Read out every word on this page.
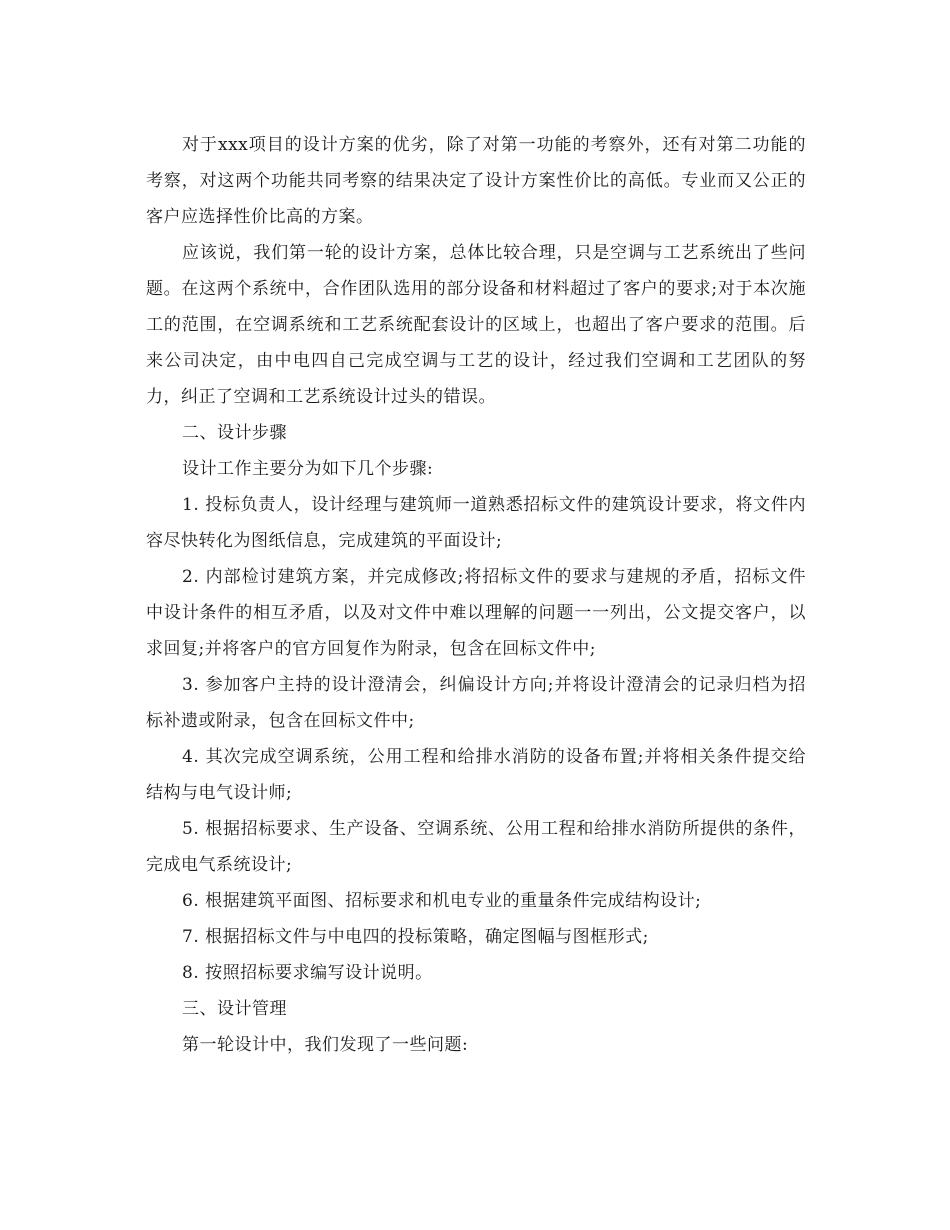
对于xxx项目的设计方案的优劣，除了对第一功能的考察外，还有对第二功能的考察，对这两个功能共同考察的结果决定了设计方案性价比的高低。专业而又公正的客户应选择性价比高的方案。

应该说，我们第一轮的设计方案，总体比较合理，只是空调与工艺系统出了些问题。在这两个系统中，合作团队选用的部分设备和材料超过了客户的要求;对于本次施工的范围，在空调系统和工艺系统配套设计的区域上，也超出了客户要求的范围。后来公司决定，由中电四自己完成空调与工艺的设计，经过我们空调和工艺团队的努力，纠正了空调和工艺系统设计过头的错误。

二、设计步骤

设计工作主要分为如下几个步骤:

1. 投标负责人，设计经理与建筑师一道熟悉招标文件的建筑设计要求，将文件内容尽快转化为图纸信息，完成建筑的平面设计;

2. 内部检讨建筑方案，并完成修改;将招标文件的要求与建规的矛盾，招标文件中设计条件的相互矛盾，以及对文件中难以理解的问题一一列出，公文提交客户，以求回复;并将客户的官方回复作为附录，包含在回标文件中;

3. 参加客户主持的设计澄清会，纠偏设计方向;并将设计澄清会的记录归档为招标补遗或附录，包含在回标文件中;

4. 其次完成空调系统，公用工程和给排水消防的设备布置;并将相关条件提交给结构与电气设计师;

5. 根据招标要求、生产设备、空调系统、公用工程和给排水消防所提供的条件，完成电气系统设计;

6. 根据建筑平面图、招标要求和机电专业的重量条件完成结构设计;

7. 根据招标文件与中电四的投标策略，确定图幅与图框形式;

8. 按照招标要求编写设计说明。

三、设计管理

第一轮设计中，我们发现了一些问题:
